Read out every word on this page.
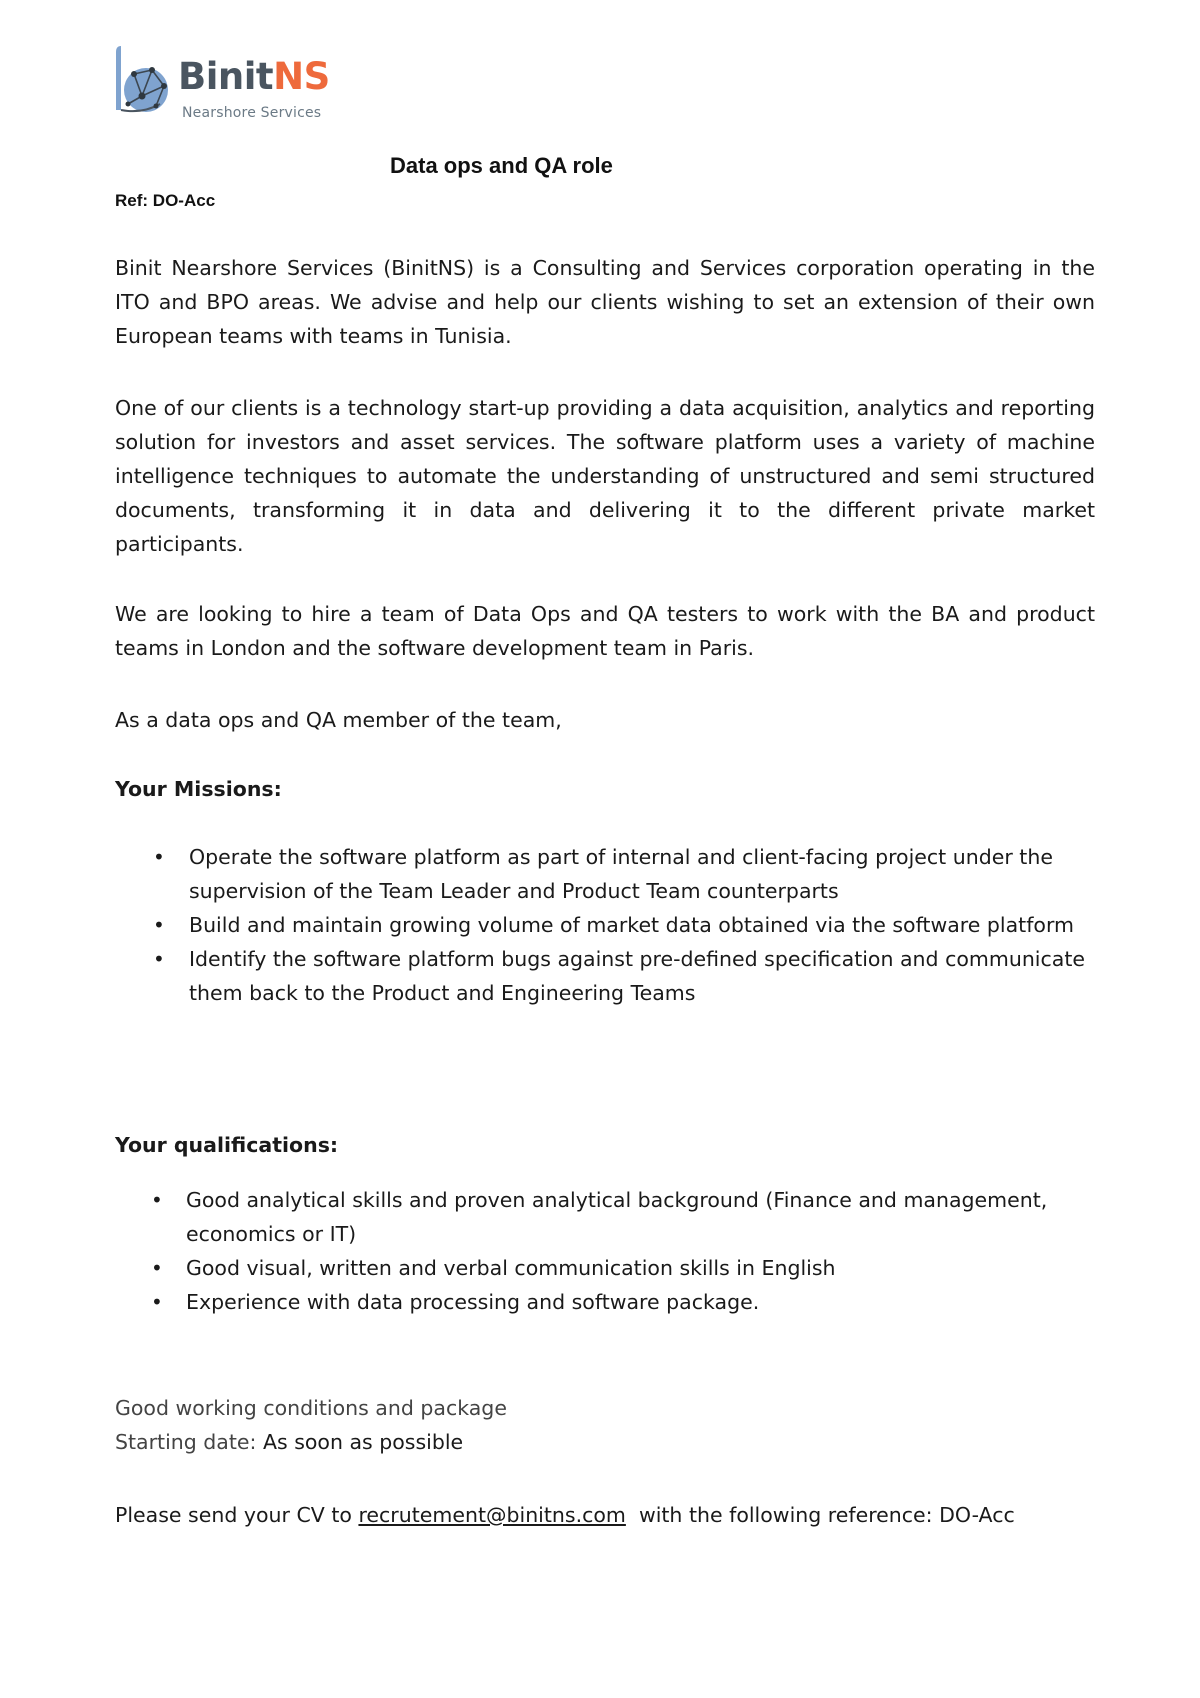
BinitNS
Nearshore Services
Data ops and QA role

Ref: DO-Acc

Binit Nearshore Services (BinitNS) is a Consulting and Services corporation operating in the ITO and BPO areas. We advise and help our clients wishing to set an extension of their own European teams with teams in Tunisia.

One of our clients is a technology start-up providing a data acquisition, analytics and reporting solution for investors and asset services. The software platform uses a variety of machine intelligence techniques to automate the understanding of unstructured and semi structured documents, transforming it in data and delivering it to the different private market participants.

We are looking to hire a team of Data Ops and QA testers to work with the BA and product teams in London and the software development team in Paris.

As a data ops and QA member of the team,

Your Missions:
• Operate the software platform as part of internal and client-facing project under the supervision of the Team Leader and Product Team counterparts
• Build and maintain growing volume of market data obtained via the software platform
• Identify the software platform bugs against pre-defined specification and communicate them back to the Product and Engineering Teams
Your qualifications:
• Good analytical skills and proven analytical background (Finance and management, economics or IT)
• Good visual, written and verbal communication skills in English
• Experience with data processing and software package.

Good working conditions and package

Starting date: As soon as possible

Please send your CV to recrutement@binitns.com with the following reference: DO-Acc
